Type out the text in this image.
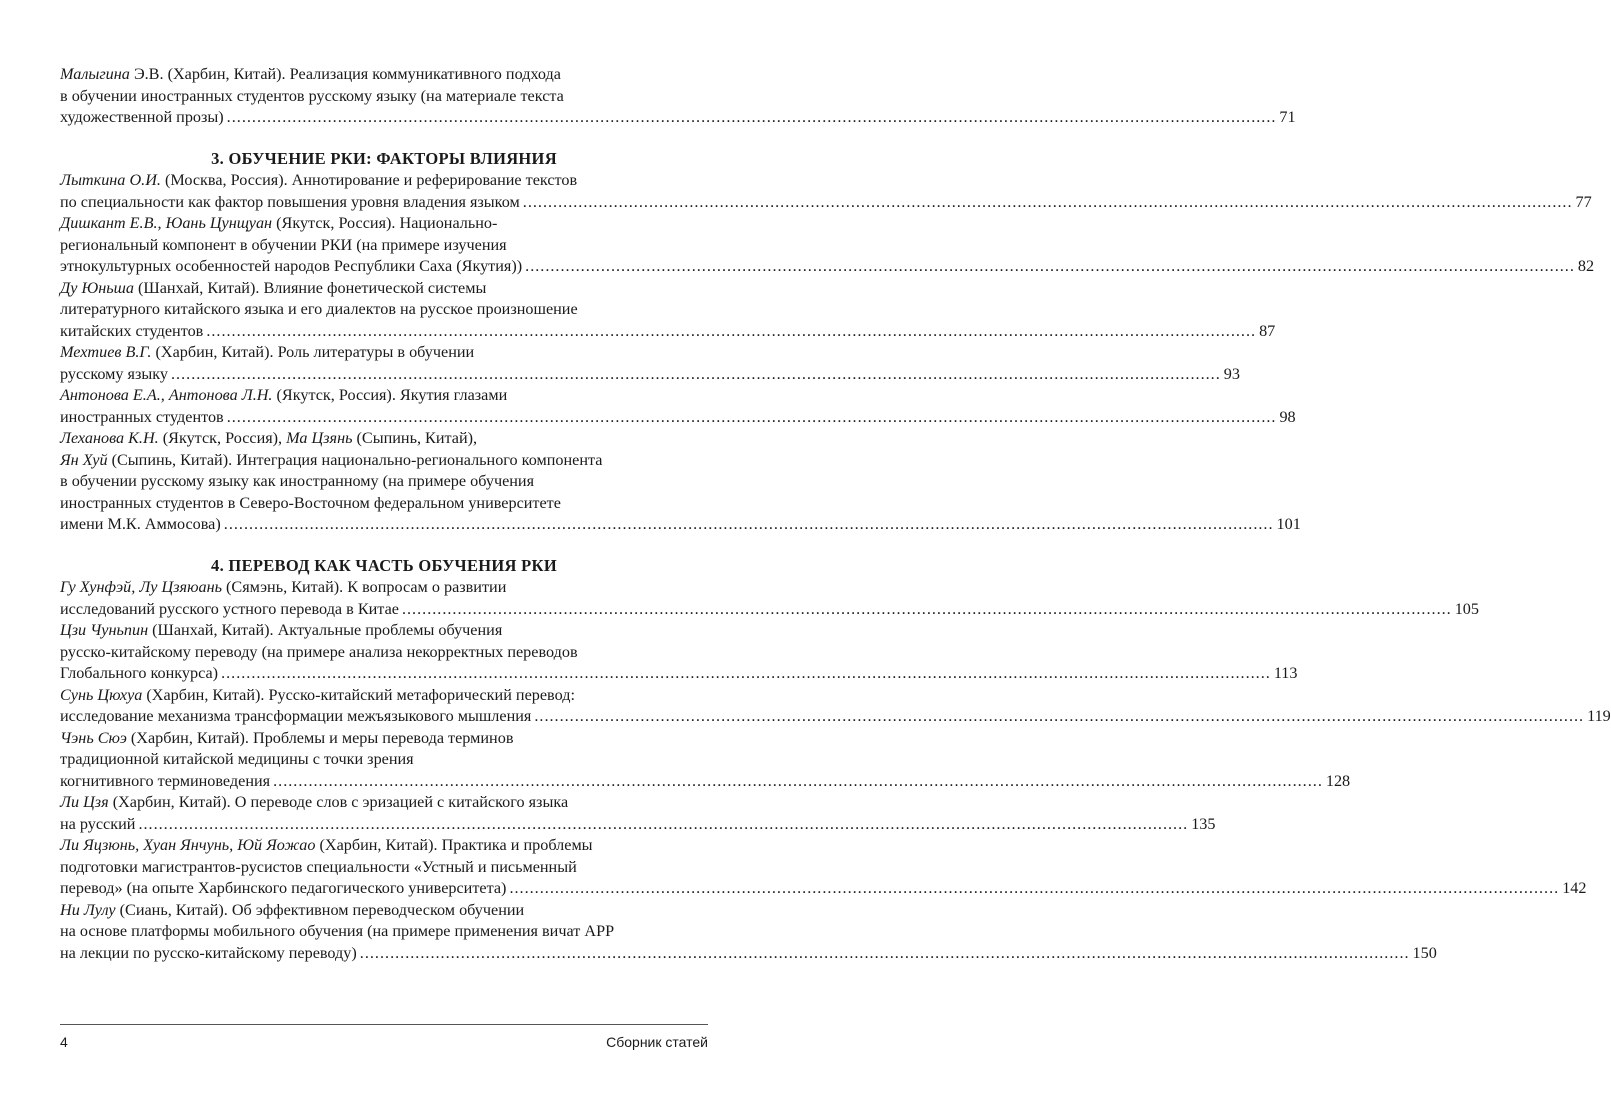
Малыгина Э.В. (Харбин, Китай). Реализация коммуникативного подхода
в обучении иностранных студентов русскому языку (на материале текста
художественной прозы) .....	71
3. ОБУЧЕНИЕ РКИ: ФАКТОРЫ ВЛИЯНИЯ
Лыткина О.И. (Москва, Россия). Аннотирование и реферирование текстов
по специальности как фактор повышения уровня владения языком .....	77
Дишкант Е.В., Юань Цунщуан (Якутск, Россия). Национально-
региональный компонент в обучении РКИ (на примере изучения
этнокультурных особенностей народов Республики Саха (Якутия)) .....	82
Ду Юньша (Шанхай, Китай). Влияние фонетической системы
литературного китайского языка и его диалектов на русское произношение
китайских студентов .....	87
Мехтиев В.Г. (Харбин, Китай). Роль литературы в обучении
русскому языку .....	93
Антонова Е.А., Антонова Л.Н. (Якутск, Россия). Якутия глазами
иностранных студентов .....	98
Леханова К.Н. (Якутск, Россия), Ма Цзянь (Сыпинь, Китай),
Ян Хуй (Сыпинь, Китай). Интеграция национально-регионального компонента
в обучении русскому языку как иностранному (на примере обучения
иностранных студентов в Северо-Восточном федеральном университете
имени М.К. Аммосова) .....	101
4. ПЕРЕВОД КАК ЧАСТЬ ОБУЧЕНИЯ РКИ
Гу Хунфэй, Лу Цзяюань (Сямэнь, Китай). К вопросам о развитии
исследований русского устного перевода в Китае .....	105
Цзи Чуньпин (Шанхай, Китай). Актуальные проблемы обучения
русско-китайскому переводу (на примере анализа некорректных переводов
Глобального конкурса) .....	113
Сунь Цюхуа (Харбин, Китай). Русско-китайский метафорический перевод:
исследование механизма трансформации межъязыкового мышления .....	119
Чэнь Сюэ (Харбин, Китай). Проблемы и меры перевода терминов
традиционной китайской медицины с точки зрения
когнитивного терминоведения .....	128
Ли Цзя (Харбин, Китай). О переводе слов с эризацией с китайского языка
на русский .....	135
Ли Яцзюнь, Хуан Янчунь, Юй Яожао (Харбин, Китай). Практика и проблемы
подготовки магистрантов-русистов специальности «Устный и письменный
перевод» (на опыте Харбинского педагогического университета) .....	142
Ни Лулу (Сиань, Китай). Об эффективном переводческом обучении
на основе платформы мобильного обучения (на примере применения вичат APP
на лекции по русско-китайскому переводу) .....	150
4	Сборник статей
